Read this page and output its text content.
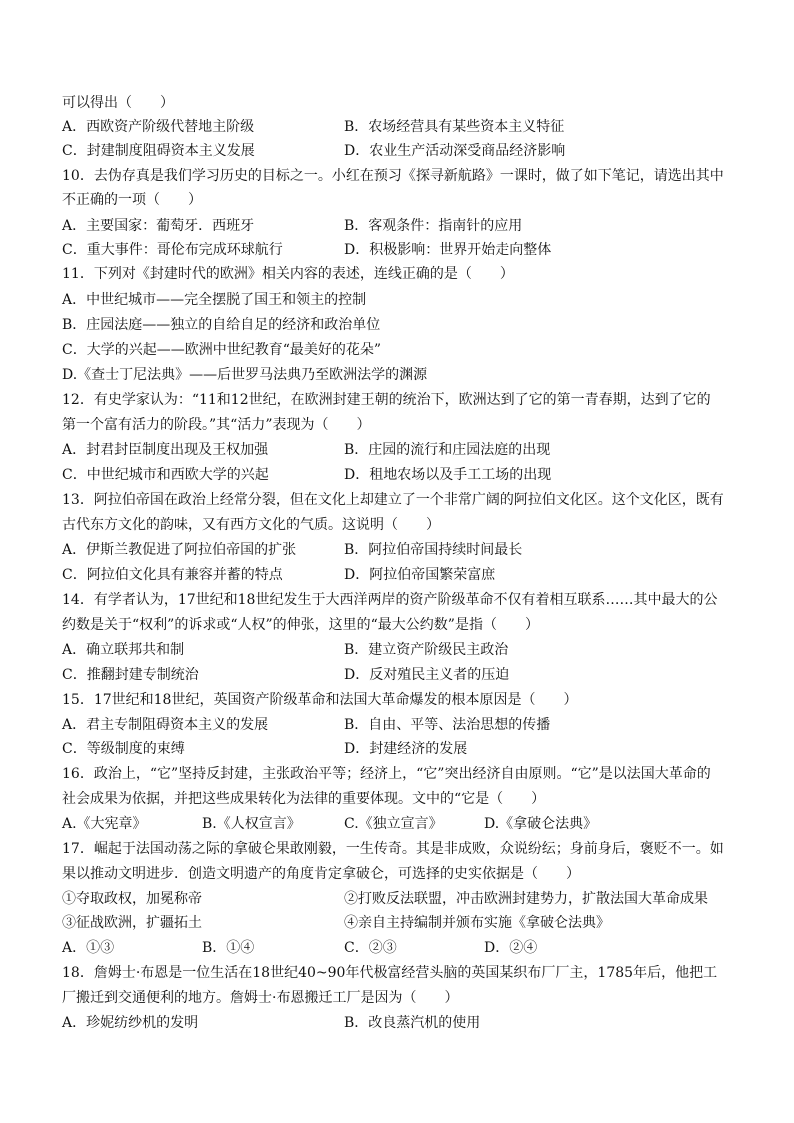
可以得出（　　）
A．西欧资产阶级代替地主阶级	B．农场经营具有某些资本主义特征
C．封建制度阻碍资本主义发展	D．农业生产活动深受商品经济影响
10．去伪存真是我们学习历史的目标之一。小红在预习《探寻新航路》一课时，做了如下笔记，请选出其中
不正确的一项（　　）
A．主要国家：葡萄牙．西班牙	B．客观条件：指南针的应用
C．重大事件：哥伦布完成环球航行	D．积极影响：世界开始走向整体
11．下列对《封建时代的欧洲》相关内容的表述，连线正确的是（　　）
A．中世纪城市——完全摆脱了国王和领主的控制
B．庄园法庭——独立的自给自足的经济和政治单位
C．大学的兴起——欧洲中世纪教育“最美好的花朵”
D.《查士丁尼法典》——后世罗马法典乃至欧洲法学的渊源
12．有史学家认为：“11和12世纪，在欧洲封建王朝的统治下，欧洲达到了它的第一青春期，达到了它的
第一个富有活力的阶段。”其“活力”表现为（　　）
A．封君封臣制度出现及王权加强	B．庄园的流行和庄园法庭的出现
C．中世纪城市和西欧大学的兴起	D．租地农场以及手工工场的出现
13．阿拉伯帝国在政治上经常分裂，但在文化上却建立了一个非常广阔的阿拉伯文化区。这个文化区，既有
古代东方文化的韵味，又有西方文化的气质。这说明（　　）
A．伊斯兰教促进了阿拉伯帝国的扩张	B．阿拉伯帝国持续时间最长
C．阿拉伯文化具有兼容并蓄的特点	D．阿拉伯帝国繁荣富庶
14．有学者认为，17世纪和18世纪发生于大西洋两岸的资产阶级革命不仅有着相互联系……其中最大的公
约数是关于“权利”的诉求或“人权”的伸张，这里的“最大公约数”是指（　　）
A．确立联邦共和制	B．建立资产阶级民主政治
C．推翻封建专制统治	D．反对殖民主义者的压迫
15．17世纪和18世纪，英国资产阶级革命和法国大革命爆发的根本原因是（　　）
A．君主专制阻碍资本主义的发展	B．自由、平等、法治思想的传播
C．等级制度的束缚	D．封建经济的发展
16．政治上，“它”坚持反封建，主张政治平等；经济上，“它”突出经济自由原则。“它”是以法国大革命的
社会成果为依据，并把这些成果转化为法律的重要体现。文中的“它是（　　）
A.《大宪章》	B.《人权宣言》	C.《独立宣言》	D.《拿破仑法典》
17．崛起于法国动荡之际的拿破仑果敢刚毅，一生传奇。其是非成败，众说纷纭；身前身后，褒贬不一。如
果以推动文明进步．创造文明遗产的角度肯定拿破仑，可选择的史实依据是（　　）
①夺取政权，加冕称帝	②打败反法联盟，冲击欧洲封建势力，扩散法国大革命成果
③征战欧洲，扩疆拓土	④亲自主持编制并颁布实施《拿破仑法典》
A．①③	B．①④	C．②③	D．②④
18．詹姆士·布恩是一位生活在18世纪40~90年代极富经营头脑的英国某织布厂厂主，1785年后，他把工
厂搬迁到交通便利的地方。詹姆士·布恩搬迁工厂是因为（　　）
A．珍妮纺纱机的发明	B．改良蒸汽机的使用
